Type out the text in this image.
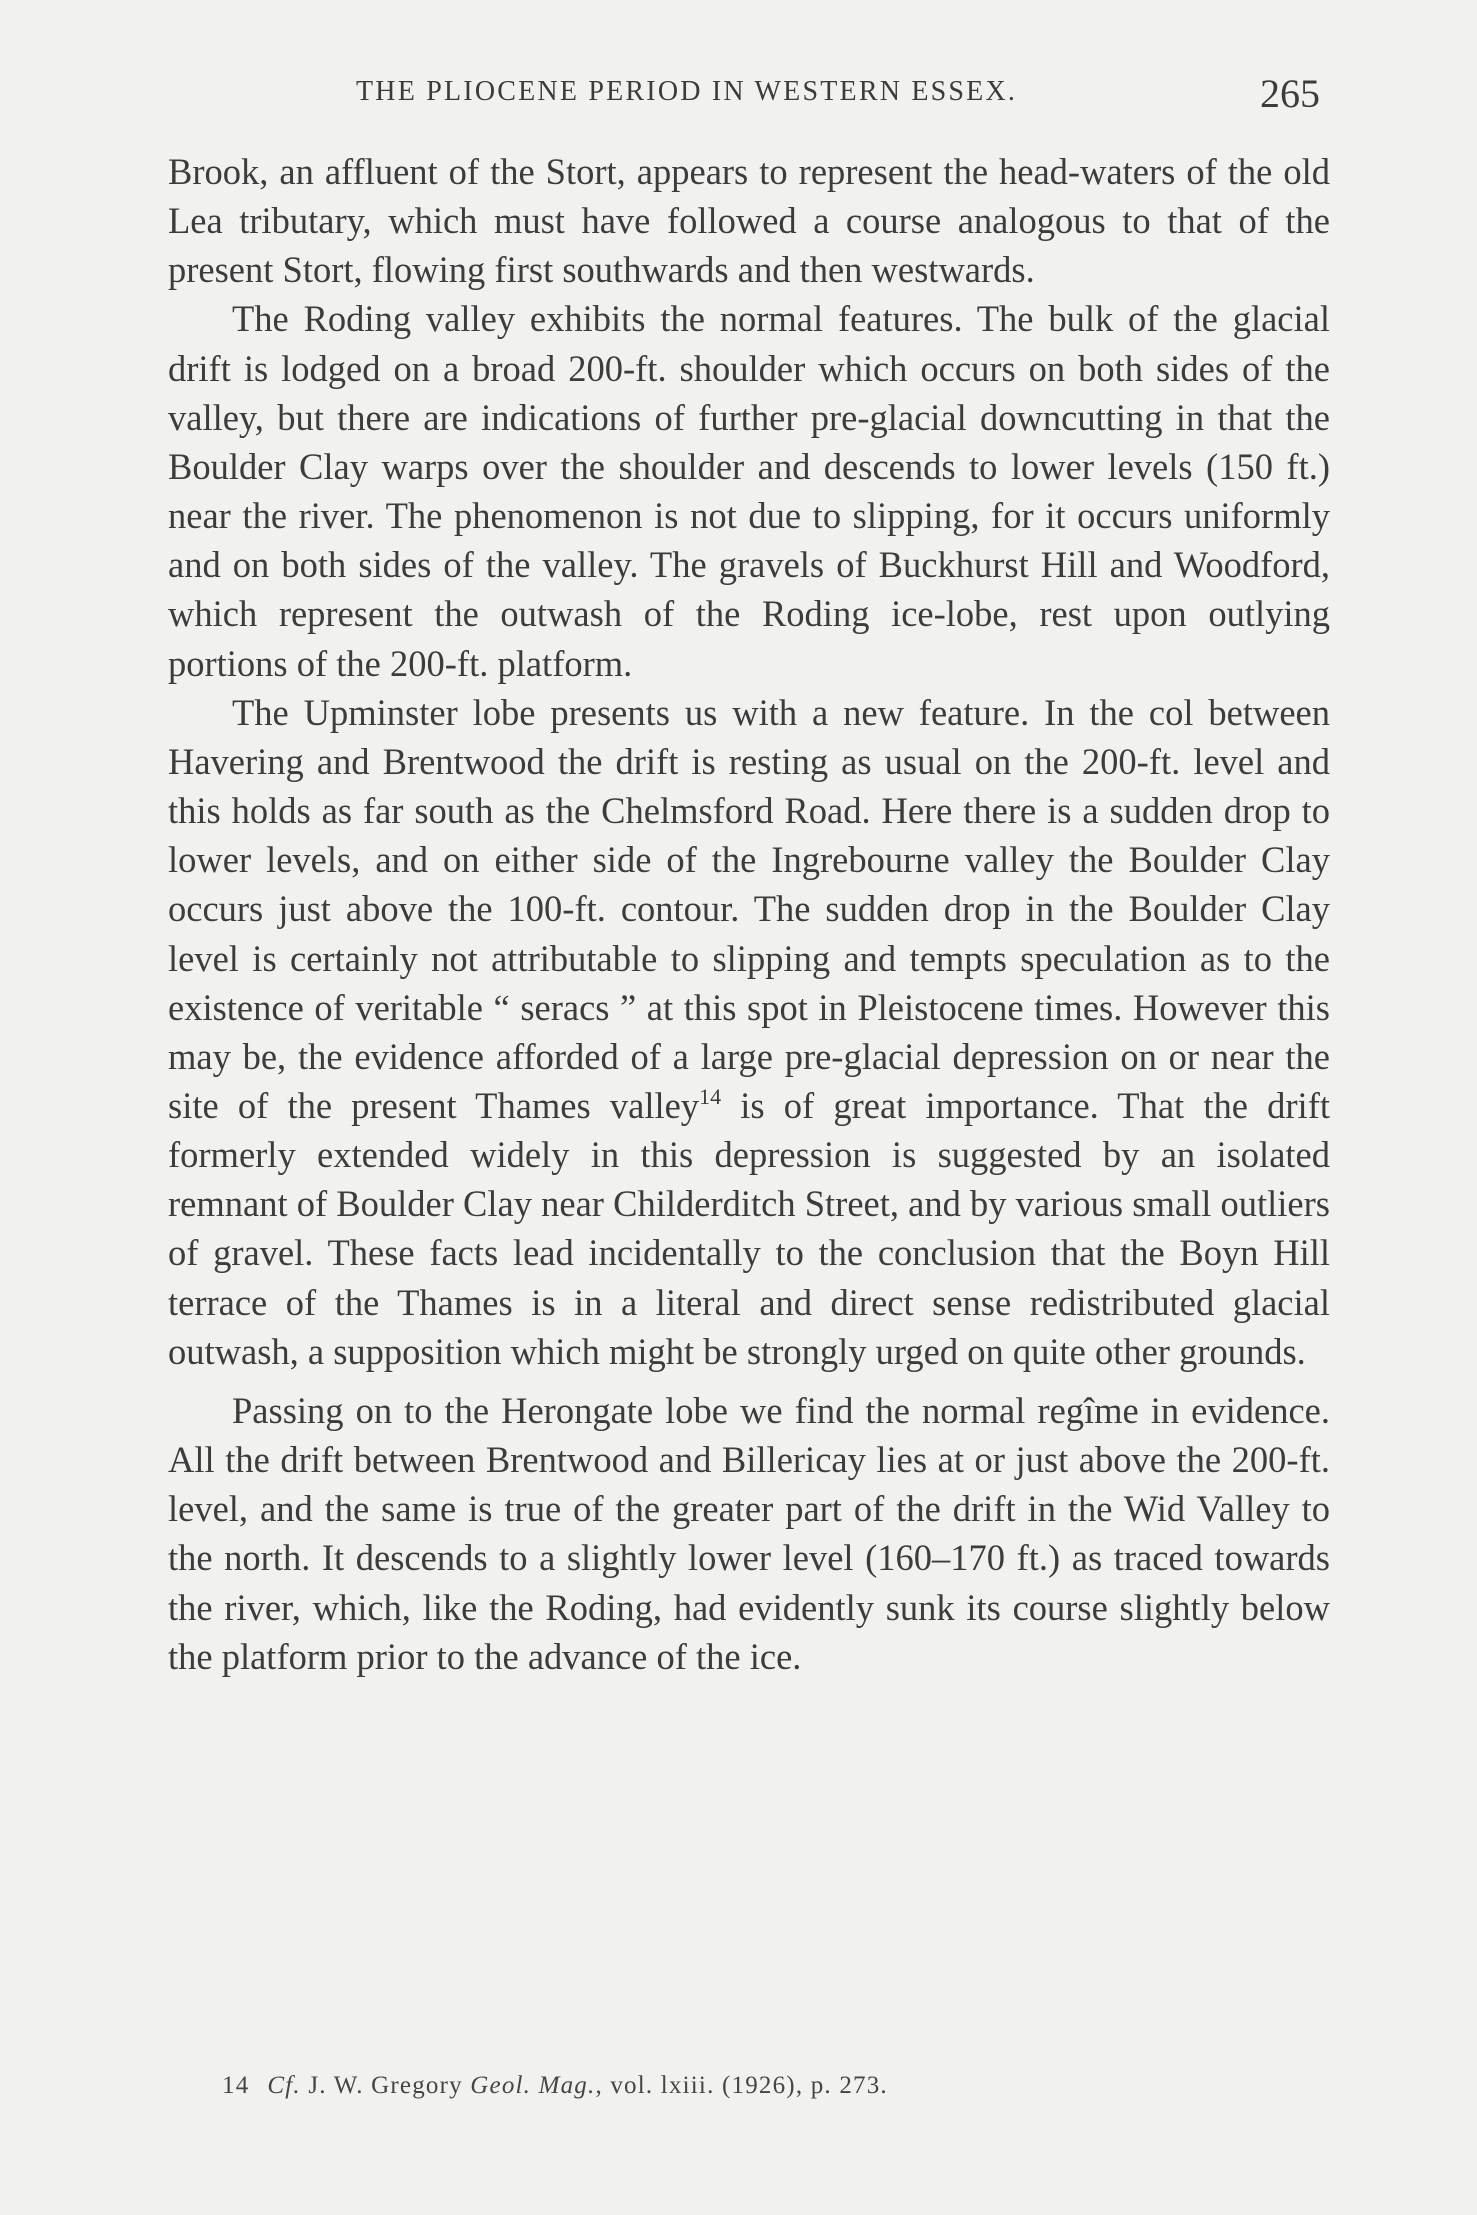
THE PLIOCENE PERIOD IN WESTERN ESSEX.	265

Brook, an affluent of the Stort, appears to represent the head-waters of the old Lea tributary, which must have followed a course analogous to that of the present Stort, flowing first southwards and then westwards.

The Roding valley exhibits the normal features. The bulk of the glacial drift is lodged on a broad 200-ft. shoulder which occurs on both sides of the valley, but there are indications of further pre-glacial downcutting in that the Boulder Clay warps over the shoulder and descends to lower levels (150 ft.) near the river. The phenomenon is not due to slipping, for it occurs uniformly and on both sides of the valley. The gravels of Buckhurst Hill and Woodford, which represent the outwash of the Roding ice-lobe, rest upon outlying portions of the 200-ft. platform.

The Upminster lobe presents us with a new feature. In the col between Havering and Brentwood the drift is resting as usual on the 200-ft. level and this holds as far south as the Chelmsford Road. Here there is a sudden drop to lower levels, and on either side of the Ingrebourne valley the Boulder Clay occurs just above the 100-ft. contour. The sudden drop in the Boulder Clay level is certainly not attributable to slipping and tempts speculation as to the existence of veritable “ seracs ” at this spot in Pleistocene times. However this may be, the evidence afforded of a large pre-glacial depression on or near the site of the present Thames valley$^{14}$ is of great importance. That the drift formerly extended widely in this depression is suggested by an isolated remnant of Boulder Clay near Childerditch Street, and by various small outliers of gravel. These facts lead incidentally to the conclusion that the Boyn Hill terrace of the Thames is in a literal and direct sense redistributed glacial outwash, a supposition which might be strongly urged on quite other grounds.

Passing on to the Herongate lobe we find the normal regîme in evidence. All the drift between Brentwood and Billericay lies at or just above the 200-ft. level, and the same is true of the greater part of the drift in the Wid Valley to the north. It descends to a slightly lower level (160–170 ft.) as traced towards the river, which, like the Roding, had evidently sunk its course slightly below the platform prior to the advance of the ice.

14 Cf. J. W. Gregory Geol. Mag., vol. lxiii. (1926), p. 273.
